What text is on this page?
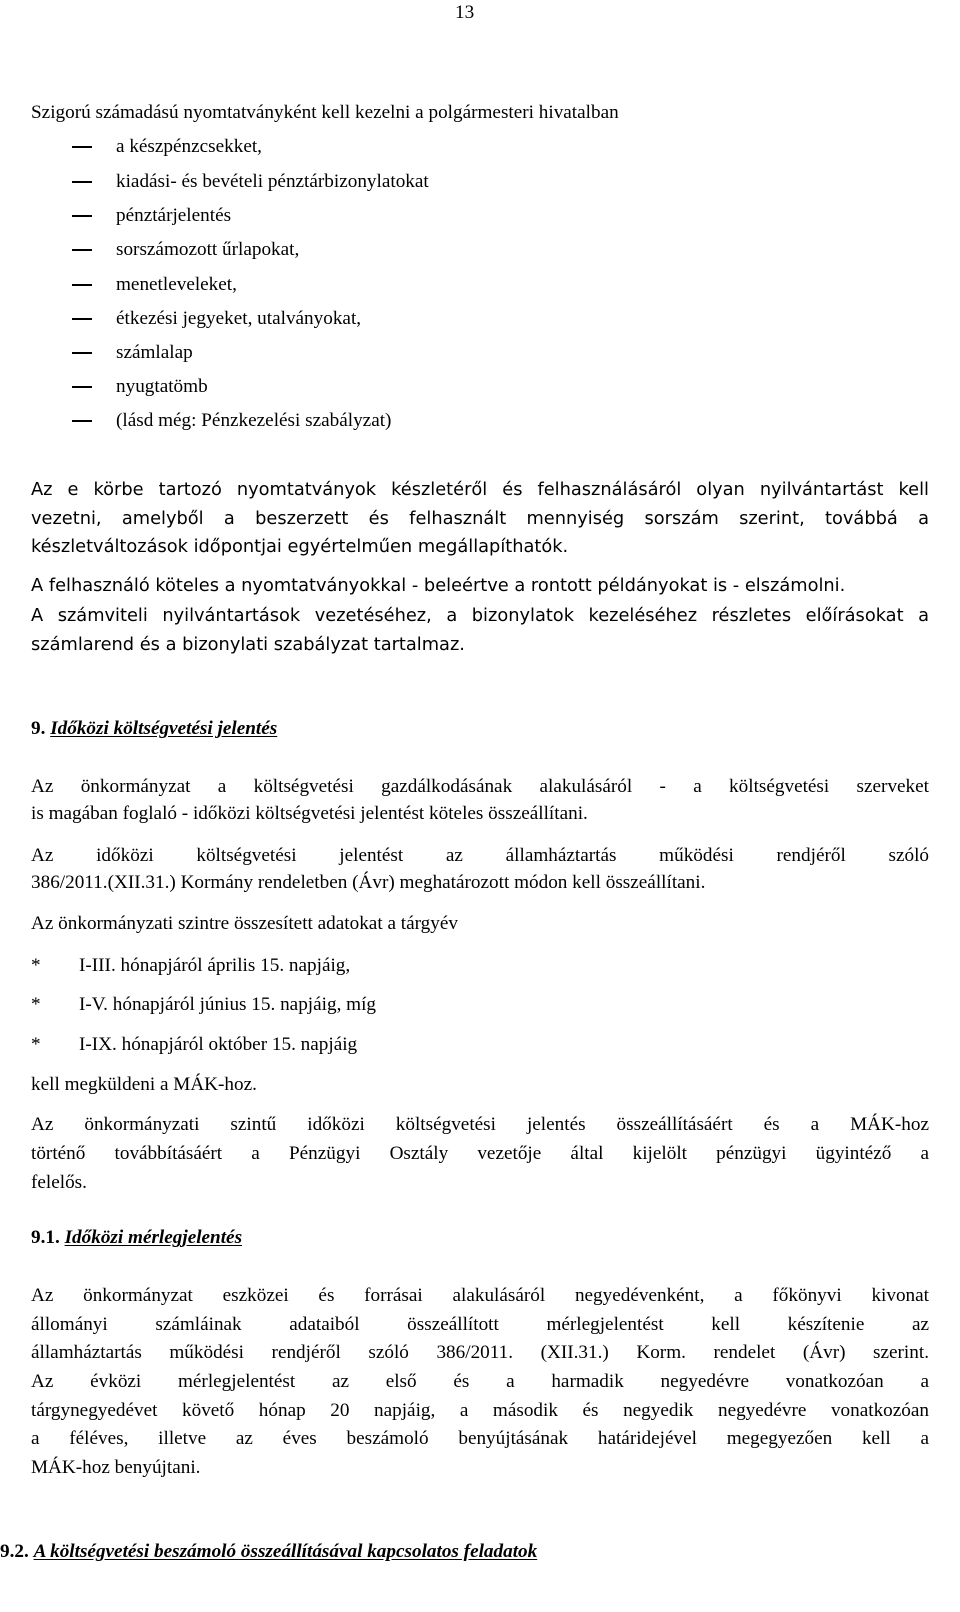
13
Szigorú számadású nyomtatványként kell kezelni a polgármesteri hivatalban
a készpénzcsekket,
kiadási- és bevételi pénztárbizonylatokat
pénztárjelentés
sorszámozott űrlapokat,
menetleveleket,
étkezési jegyeket, utalványokat,
számlalap
nyugtatömb
(lásd még: Pénzkezelési szabályzat)
Az e körbe tartozó nyomtatványok készletéről és felhasználásáról olyan nyilvántartást kell
vezetni, amelyből a beszerzett és felhasznált mennyiség sorszám szerint, továbbá a
készletváltozások időpontjai egyértelműen megállapíthatók.
A felhasználó köteles a nyomtatványokkal - beleértve a rontott példányokat is - elszámolni.
A számviteli nyilvántartások vezetéséhez, a bizonylatok kezeléséhez részletes előírásokat a
számlarend és a bizonylati szabályzat tartalmaz.
9. Időközi költségvetési jelentés
Az önkormányzat a költségvetési gazdálkodásának alakulásáról - a költségvetési szerveket
is magában foglaló - időközi költségvetési jelentést köteles összeállítani.
Az időközi költségvetési jelentést az államháztartás működési rendjéről szóló
386/2011.(XII.31.) Kormány rendeletben (Ávr) meghatározott módon kell összeállítani.
Az önkormányzati szintre összesített adatokat a tárgyév
* I-III. hónapjáról április 15. napjáig,
* I-V. hónapjáról június 15. napjáig, míg
* I-IX. hónapjáról október 15. napjáig
kell megküldeni a MÁK-hoz.
Az önkormányzati szintű időközi költségvetési jelentés összeállításáért és a MÁK-hoz
történő továbbításáért a Pénzügyi Osztály vezetője által kijelölt pénzügyi ügyintéző a
felelős.
9.1. Időközi mérlegjelentés
Az önkormányzat eszközei és forrásai alakulásáról negyedévenként, a főkönyvi kivonat
állományi számláinak adataiból összeállított mérlegjelentést kell készítenie az
államháztartás működési rendjéről szóló 386/2011. (XII.31.) Korm. rendelet (Ávr) szerint.
Az évközi mérlegjelentést az első és a harmadik negyedévre vonatkozóan a
tárgynegyedévet követő hónap 20 napjáig, a második és negyedik negyedévre vonatkozóan
a féléves, illetve az éves beszámoló benyújtásának határidejével megegyezően kell a
MÁK-hoz benyújtani.
9.2. A költségvetési beszámoló összeállításával kapcsolatos feladatok
